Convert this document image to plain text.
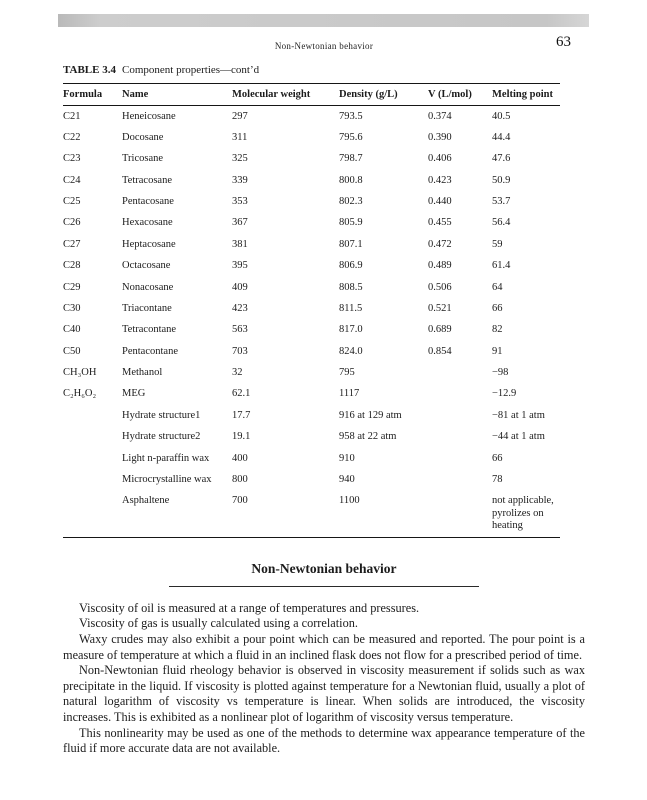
Non-Newtonian behavior	63
TABLE 3.4 Component properties—cont’d
Formula	Name	Molecular weight	Density (g/L)	V (L/mol)	Melting point
C21	Heneicosane	297	793.5	0.374	40.5
C22	Docosane	311	795.6	0.390	44.4
C23	Tricosane	325	798.7	0.406	47.6
C24	Tetracosane	339	800.8	0.423	50.9
C25	Pentacosane	353	802.3	0.440	53.7
C26	Hexacosane	367	805.9	0.455	56.4
C27	Heptacosane	381	807.1	0.472	59
C28	Octacosane	395	806.9	0.489	61.4
C29	Nonacosane	409	808.5	0.506	64
C30	Triacontane	423	811.5	0.521	66
C40	Tetracontane	563	817.0	0.689	82
C50	Pentacontane	703	824.0	0.854	91
CH₃OH	Methanol	32	795		−98
C₂H₆O₂	MEG	62.1	1117		−12.9
	Hydrate structure1	17.7	916 at 129 atm		−81 at 1 atm
	Hydrate structure2	19.1	958 at 22 atm		−44 at 1 atm
	Light n-paraffin wax	400	910		66
	Microcrystalline wax	800	940		78
	Asphaltene	700	1100		not applicable, pyrolizes on heating
Non-Newtonian behavior

Viscosity of oil is measured at a range of temperatures and pressures.

Viscosity of gas is usually calculated using a correlation.

Waxy crudes may also exhibit a pour point which can be measured and reported. The pour point is a measure of temperature at which a fluid in an inclined flask does not flow for a prescribed period of time.

Non-Newtonian fluid rheology behavior is observed in viscosity measurement if solids such as wax precipitate in the liquid. If viscosity is plotted against temperature for a Newtonian fluid, usually a plot of natural logarithm of viscosity vs temperature is linear. When solids are introduced, the viscosity increases. This is exhibited as a nonlinear plot of logarithm of viscosity versus temperature.

This nonlinearity may be used as one of the methods to determine wax appearance temperature of the fluid if more accurate data are not available.
